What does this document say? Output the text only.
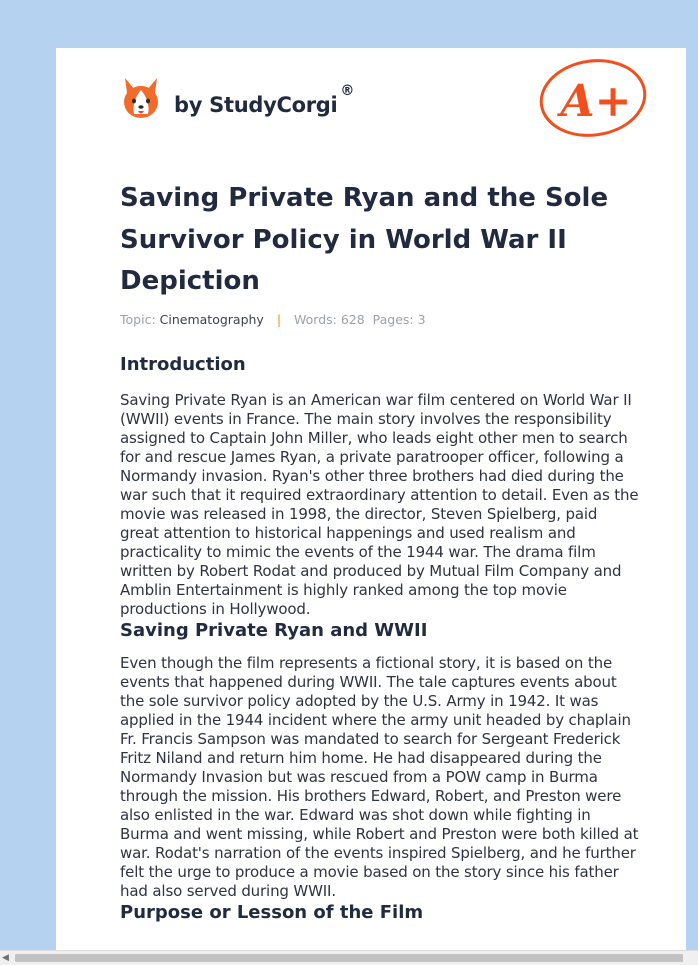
by StudyCorgi®	A+
Saving Private Ryan and the Sole Survivor Policy in World War II Depiction
Topic: Cinematography | Words: 628 Pages: 3
Introduction

Saving Private Ryan is an American war film centered on World War II (WWII) events in France. The main story involves the responsibility assigned to Captain John Miller, who leads eight other men to search for and rescue James Ryan, a private paratrooper officer, following a Normandy invasion. Ryan's other three brothers had died during the war such that it required extraordinary attention to detail. Even as the movie was released in 1998, the director, Steven Spielberg, paid great attention to historical happenings and used realism and practicality to mimic the events of the 1944 war. The drama film written by Robert Rodat and produced by Mutual Film Company and Amblin Entertainment is highly ranked among the top movie productions in Hollywood.

Saving Private Ryan and WWII

Even though the film represents a fictional story, it is based on the events that happened during WWII. The tale captures events about the sole survivor policy adopted by the U.S. Army in 1942. It was applied in the 1944 incident where the army unit headed by chaplain Fr. Francis Sampson was mandated to search for Sergeant Frederick Fritz Niland and return him home. He had disappeared during the Normandy Invasion but was rescued from a POW camp in Burma through the mission. His brothers Edward, Robert, and Preston were also enlisted in the war. Edward was shot down while fighting in Burma and went missing, while Robert and Preston were both killed at war. Rodat's narration of the events inspired Spielberg, and he further felt the urge to produce a movie based on the story since his father had also served during WWII.

Purpose or Lesson of the Film
◀
